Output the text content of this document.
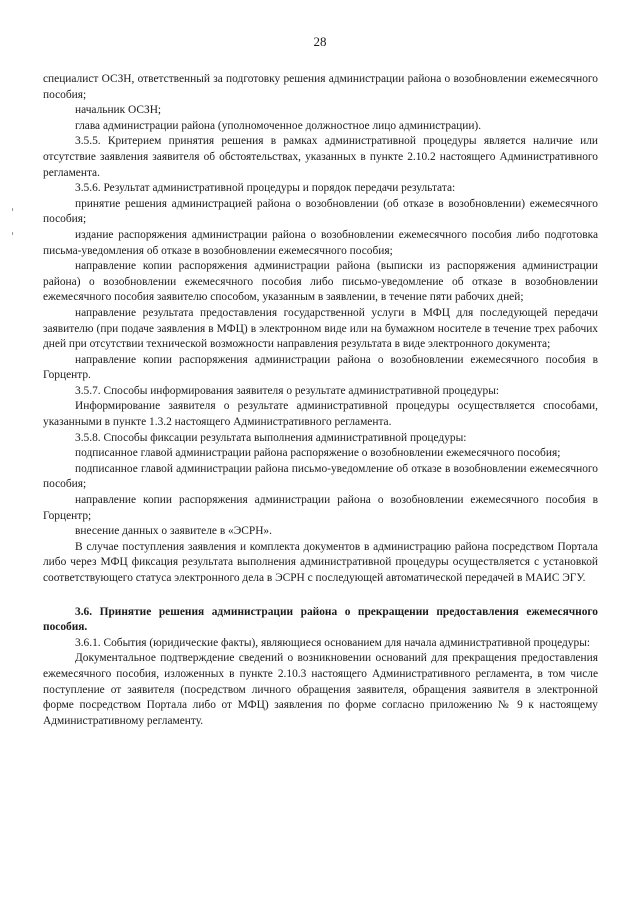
28

специалист ОСЗН, ответственный за подготовку решения администрации района о возобновлении ежемесячного пособия;

начальник ОСЗН;

глава администрации района (уполномоченное должностное лицо администрации).

3.5.5. Критерием принятия решения в рамках административной процедуры является наличие или отсутствие заявления заявителя об обстоятельствах, указанных в пункте 2.10.2 настоящего Административного регламента.

3.5.6. Результат административной процедуры и порядок передачи результата:

принятие решения администрацией района о возобновлении (об отказе в возобновлении) ежемесячного пособия;

издание распоряжения администрации района о возобновлении ежемесячного пособия либо подготовка письма-уведомления об отказе в возобновлении ежемесячного пособия;

направление копии распоряжения администрации района (выписки из распоряжения администрации района) о возобновлении ежемесячного пособия либо письмо-уведомление об отказе в возобновлении ежемесячного пособия заявителю способом, указанным в заявлении, в течение пяти рабочих дней;

направление результата предоставления государственной услуги в МФЦ для последующей передачи заявителю (при подаче заявления в МФЦ) в электронном виде или на бумажном носителе в течение трех рабочих дней при отсутствии технической возможности направления результата в виде электронного документа;

направление копии распоряжения администрации района о возобновлении ежемесячного пособия в Горцентр.

3.5.7. Способы информирования заявителя о результате административной процедуры:

Информирование заявителя о результате административной процедуры осуществляется способами, указанными в пункте 1.3.2 настоящего Административного регламента.

3.5.8. Способы фиксации результата выполнения административной процедуры:

подписанное главой администрации района распоряжение о возобновлении ежемесячного пособия;

подписанное главой администрации района письмо-уведомление об отказе в возобновлении ежемесячного пособия;

направление копии распоряжения администрации района о возобновлении ежемесячного пособия в Горцентр;

внесение данных о заявителе в «ЭСРН».

В случае поступления заявления и комплекта документов в администрацию района посредством Портала либо через МФЦ фиксация результата выполнения административной процедуры осуществляется с установкой соответствующего статуса электронного дела в ЭСРН с последующей автоматической передачей в МАИС ЭГУ.

3.6. Принятие решения администрации района о прекращении предоставления ежемесячного пособия.

3.6.1. События (юридические факты), являющиеся основанием для начала административной процедуры:

Документальное подтверждение сведений о возникновении оснований для прекращения предоставления ежемесячного пособия, изложенных в пункте 2.10.3 настоящего Административного регламента, в том числе поступление от заявителя (посредством личного обращения заявителя, обращения заявителя в электронной форме посредством Портала либо от МФЦ) заявления по форме согласно приложению № 9 к настоящему Административному регламенту.
